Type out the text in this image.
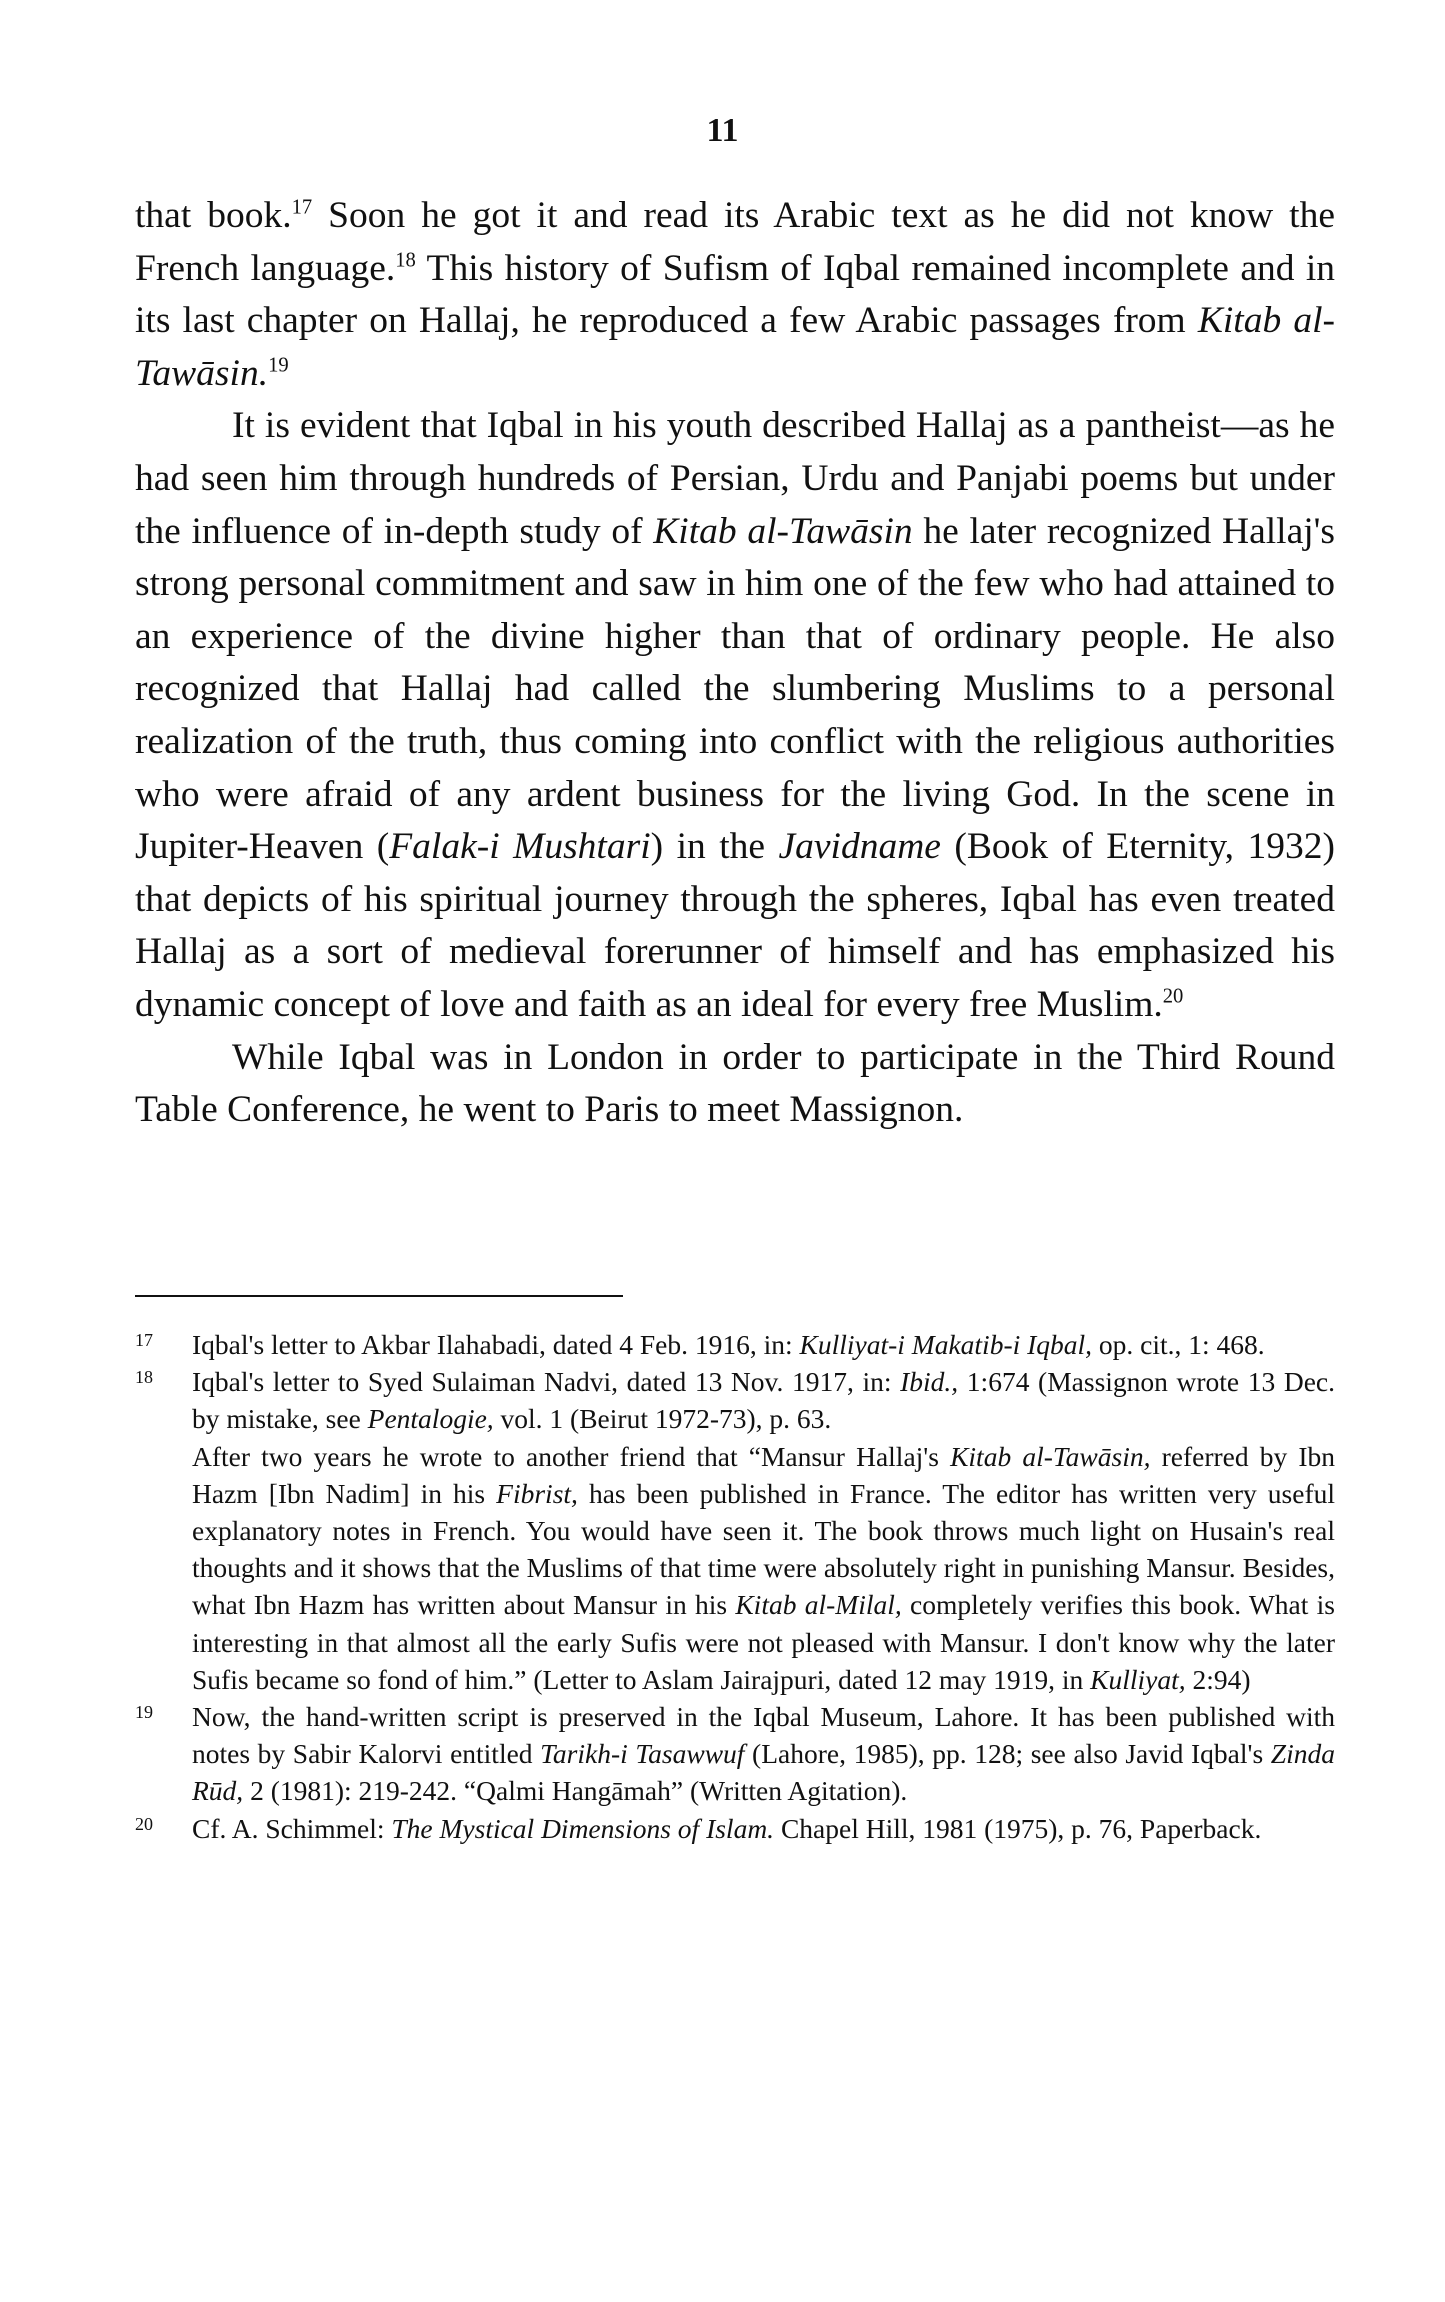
11

that book.$^{17}$ Soon he got it and read its Arabic text as he did not know the French language.$^{18}$ This history of Sufism of Iqbal remained incomplete and in its last chapter on Hallaj, he reproduced a few Arabic passages from Kitab al-Tawāsin.$^{19}$

It is evident that Iqbal in his youth described Hallaj as a pantheist—as he had seen him through hundreds of Persian, Urdu and Panjabi poems but under the influence of in-depth study of Kitab al-Tawāsin he later recognized Hallaj's strong personal commitment and saw in him one of the few who had attained to an experience of the divine higher than that of ordinary people. He also recognized that Hallaj had called the slumbering Muslims to a personal realization of the truth, thus coming into conflict with the religious authorities who were afraid of any ardent business for the living God. In the scene in Jupiter-Heaven (Falak-i Mushtari) in the Javidname (Book of Eternity, 1932) that depicts of his spiritual journey through the spheres, Iqbal has even treated Hallaj as a sort of medieval forerunner of himself and has emphasized his dynamic concept of love and faith as an ideal for every free Muslim.$^{20}$

While Iqbal was in London in order to participate in the Third Round Table Conference, he went to Paris to meet Massignon.

17 Iqbal's letter to Akbar Ilahabadi, dated 4 Feb. 1916, in: Kulliyat-i Makatib-i Iqbal, op. cit., 1: 468.
18 Iqbal's letter to Syed Sulaiman Nadvi, dated 13 Nov. 1917, in: Ibid., 1:674 (Massignon wrote 13 Dec. by mistake, see Pentalogie, vol. 1 (Beirut 1972-73), p. 63.
After two years he wrote to another friend that “Mansur Hallaj's Kitab al-Tawāsin, referred by Ibn Hazm [Ibn Nadim] in his Fibrist, has been published in France. The editor has written very useful explanatory notes in French. You would have seen it. The book throws much light on Husain's real thoughts and it shows that the Muslims of that time were absolutely right in punishing Mansur. Besides, what Ibn Hazm has written about Mansur in his Kitab al-Milal, completely verifies this book. What is interesting in that almost all the early Sufis were not pleased with Mansur. I don't know why the later Sufis became so fond of him.” (Letter to Aslam Jairajpuri, dated 12 may 1919, in Kulliyat, 2:94)
19 Now, the hand-written script is preserved in the Iqbal Museum, Lahore. It has been published with notes by Sabir Kalorvi entitled Tarikh-i Tasawwuf (Lahore, 1985), pp. 128; see also Javid Iqbal's Zinda Rūd, 2 (1981): 219-242. “Qalmi Hangāmah” (Written Agitation).
20 Cf. A. Schimmel: The Mystical Dimensions of Islam. Chapel Hill, 1981 (1975), p. 76, Paperback.
